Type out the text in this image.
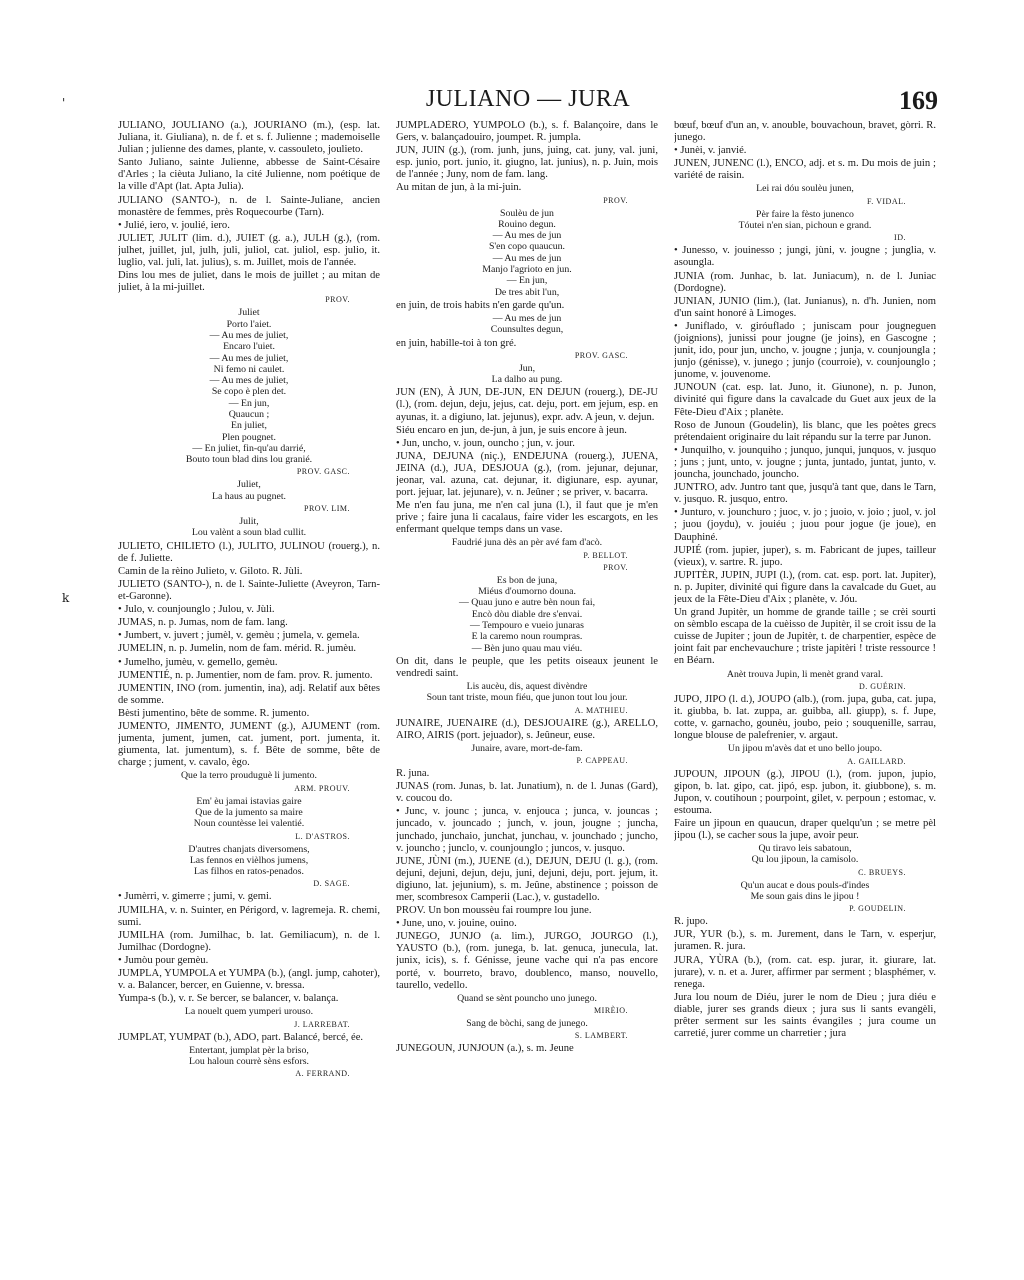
JULIANO — JURA	169
'
k

JULIANO, JOULIANO (a.), JOURIANO (m.), (esp. lat. Juliana, it. Giuliana), n. de f. et s. f. Julienne ; mademoiselle Julian ; julienne des dames, plante, v. cassouleto, joulieto.

Santo Juliano, sainte Julienne, abbesse de Saint-Césaire d'Arles ; la cièuta Juliano, la cité Julienne, nom poétique de la ville d'Apt (lat. Apta Julia).

JULIANO (SANTO-), n. de l. Sainte-Juliane, ancien monastère de femmes, près Roquecourbe (Tarn).

• Julié, iero, v. joulié, iero.

JULIET, JULIT (lim. d.), JUIET (g. a.), JULH (g.), (rom. julhet, juillet, jul, julh, juli, juliol, cat. juliol, esp. julio, it. luglio, val. juli, lat. julius), s. m. Juillet, mois de l'année.

Dins lou mes de juliet, dans le mois de juillet ; au mitan de juliet, à la mi-juillet.

PROV.
Juliet
Porto l'aiet.
— Au mes de juliet,
Encaro l'uiet.
— Au mes de juliet,
Ni femo ni caulet.
— Au mes de juliet,
Se copo è plen det.
— En jun,
Quaucun ;
En juliet,
Plen pougnet.
— En juliet, fin-qu'au darrié,
Bouto toun blad dins lou granié.
PROV. GASC.
Juliet,
La haus au pugnet.
PROV. LIM.
Julit,
Lou valènt a soun blad cullit.

JULIETO, CHILIETO (l.), JULITO, JULINOU (rouerg.), n. de f. Juliette.

Camin de la rèino Julieto, v. Giloto. R. Jùli.

JULIETO (SANTO-), n. de l. Sainte-Juliette (Aveyron, Tarn-et-Garonne).

• Julo, v. counjounglo ; Julou, v. Jùli.

JUMAS, n. p. Jumas, nom de fam. lang.

• Jumbert, v. juvert ; jumèl, v. gemèu ; jumela, v. gemela.

JUMELIN, n. p. Jumelin, nom de fam. mérid. R. jumèu.

• Jumelho, jumèu, v. gemello, gemèu.

JUMENTIÉ, n. p. Jumentier, nom de fam. prov. R. jumento.

JUMENTIN, INO (rom. jumentin, ina), adj. Relatif aux bêtes de somme.

Bèsti jumentino, bête de somme. R. jumento.

JUMENTO, JIMENTO, JUMENT (g.), AJUMENT (rom. jumenta, jument, jumen, cat. jument, port. jumenta, it. giumenta, lat. jumentum), s. f. Bête de somme, bête de charge ; jument, v. cavalo, ègo.

Que la terro prouduguè li jumento.
ARM. PROUV.
Em' èu jamai istavias gaire
Que de la jumento sa maire
Noun countèsse lei valentié.
L. D'ASTROS.
D'autres chanjats diversomens,
Las fennos en vièlhos jumens,
Las filhos en ratos-penados.
D. SAGE.

• Jumèrri, v. gimerre ; jumi, v. gemi.

JUMILHA, v. n. Suinter, en Périgord, v. lagremeja. R. chemi, sumi.

JUMILHA (rom. Jumilhac, b. lat. Gemiliacum), n. de l. Jumilhac (Dordogne).

• Jumòu pour gemèu.

JUMPLA, YUMPOLA et YUMPA (b.), (angl. jump, cahoter), v. a. Balancer, bercer, en Guienne, v. bressa.

Yumpa-s (b.), v. r. Se bercer, se balancer, v. balança.

La nouelt quem yumperi urouso.
J. LARREBAT.

JUMPLAT, YUMPAT (b.), ADO, part. Balancé, bercé, ée.

Entertant, jumplat pèr la briso,
Lou haloun courrè sèns esfors.
A. FERRAND.

JUMPLADÈRO, YUMPOLO (b.), s. f. Balançoire, dans le Gers, v. balançadouiro, joumpet. R. jumpla.

JUN, JUIN (g.), (rom. junh, juns, juing, cat. juny, val. juni, esp. junio, port. junio, it. giugno, lat. junius), n. p. Juin, mois de l'année ; Juny, nom de fam. lang.

Au mitan de jun, à la mi-juin.

PROV.
Soulèu de jun
Rouino degun.
— Au mes de jun
S'en copo quaucun.
— Au mes de jun
Manjo l'agrioto en jun.
— En jun,
De tres abit l'un,

en juin, de trois habits n'en garde qu'un.

— Au mes de jun
Counsultes degun,

en juin, habille-toi à ton gré.

PROV. GASC.
Jun,
La dalho au pung.

JUN (EN), À JUN, DE-JUN, EN DEJUN (rouerg.), DE-JU (l.), (rom. dejun, deju, jejus, cat. deju, port. em jejum, esp. en ayunas, it. a digiuno, lat. jejunus), expr. adv. A jeun, v. dejun.

Siéu encaro en jun, de-jun, à jun, je suis encore à jeun.

• Jun, uncho, v. joun, ouncho ; jun, v. jour.

JUNA, DEJUNA (niç.), ENDEJUNA (rouerg.), JUENA, JEINA (d.), JUA, DESJOUA (g.), (rom. jejunar, dejunar, jeonar, val. azuna, cat. dejunar, it. digiunare, esp. ayunar, port. jejuar, lat. jejunare), v. n. Jeûner ; se priver, v. bacarra.

Me n'en fau juna, me n'en cal juna (l.), il faut que je m'en prive ; faire juna li cacalaus, faire vider les escargots, en les enfermant quelque temps dans un vase.

Faudrié juna dès an pèr avé fam d'acò.
P. BELLOT.
PROV.
Es bon de juna,
Miéus d'oumorno douna.
— Quau juno e autre bèn noun fai,
Encò dòu diable dre s'envai.
— Tempouro e vueio junaras
E la caremo noun roumpras.
— Bèn juno quau mau viéu.

On dit, dans le peuple, que les petits oiseaux jeunent le vendredi saint.

Lis aucèu, dis, aquest divèndre
Soun tant triste, moun fiéu, que junon tout lou jour.
A. MATHIEU.

JUNAIRE, JUENAIRE (d.), DESJOUAIRE (g.), ARELLO, AIRO, AIRIS (port. jejuador), s. Jeûneur, euse.

Junaire, avare, mort-de-fam.
P. CAPPEAU.

R. juna.

JUNAS (rom. Junas, b. lat. Junatium), n. de l. Junas (Gard), v. coucou do.

• Junc, v. jounc ; junca, v. enjouca ; junca, v. jouncas ; juncado, v. jouncado ; junch, v. joun, jougne ; juncha, junchado, junchaio, junchat, junchau, v. jounchado ; juncho, v. jouncho ; junclo, v. counjounglo ; juncos, v. jusquo.

JUNE, JÙNI (m.), JUENE (d.), DEJUN, DEJU (l. g.), (rom. dejuni, dejuni, dejun, deju, juni, dejuni, deju, port. jejum, it. digiuno, lat. jejunium), s. m. Jeûne, abstinence ; poisson de mer, scombresox Camperii (Lac.), v. gustadello.

PROV. Un bon moussèu fai roumpre lou june.

• June, uno, v. jouine, ouino.

JUNEGO, JUNJO (a. lim.), JURGO, JOURGO (l.), YAUSTO (b.), (rom. junega, b. lat. genuca, junecula, lat. junix, icis), s. f. Génisse, jeune vache qui n'a pas encore porté, v. bourreto, bravo, doublenco, manso, nouvello, taurello, vedello.

Quand se sènt pouncho uno junego.
MIRÈIO.
Sang de bòchi, sang de junego.
S. LAMBERT.

JUNEGOUN, JUNJOUN (a.), s. m. Jeune

bœuf, bœuf d'un an, v. anouble, bouvachoun, bravet, gòrri. R. junego.

• Junèi, v. janvié.

JUNEN, JUNENC (l.), ENCO, adj. et s. m. Du mois de juin ; variété de raisin.

Lei rai dóu soulèu junen,
F. VIDAL.
Pèr faire la fèsto junenco
Tóutei n'en sian, pichoun e grand.
ID.

• Junesso, v. jouinesso ; jungi, jùni, v. jougne ; junglia, v. asoungla.

JUNIA (rom. Junhac, b. lat. Juniacum), n. de l. Juniac (Dordogne).

JUNIAN, JUNIO (lim.), (lat. Junianus), n. d'h. Junien, nom d'un saint honoré à Limoges.

• Juniflado, v. giróuflado ; juniscam pour jougneguen (joignions), junissi pour jougne (je joins), en Gascogne ; junit, ido, pour jun, uncho, v. jougne ; junja, v. counjoungla ; junjo (génisse), v. junego ; junjo (courroie), v. counjounglo ; junome, v. jouvenome.

JUNOUN (cat. esp. lat. Juno, it. Giunone), n. p. Junon, divinité qui figure dans la cavalcade du Guet aux jeux de la Fête-Dieu d'Aix ; planète.

Roso de Junoun (Goudelin), lis blanc, que les poètes grecs prétendaient originaire du lait répandu sur la terre par Junon.

• Junquilho, v. jounquiho ; junquo, junqui, junquos, v. jusquo ; juns ; junt, unto, v. jougne ; junta, juntado, juntat, junto, v. jouncha, jounchado, jouncho.

JUNTRO, adv. Juntro tant que, jusqu'à tant que, dans le Tarn, v. jusquo. R. jusquo, entro.

• Junturo, v. jounchuro ; juoc, v. jo ; juoio, v. joio ; juol, v. jol ; juou (joydu), v. jouiéu ; juou pour jogue (je joue), en Dauphiné.

JUPIÉ (rom. jupier, juper), s. m. Fabricant de jupes, tailleur (vieux), v. sartre. R. jupo.

JUPITÈR, JUPIN, JUPI (l.), (rom. cat. esp. port. lat. Jupiter), n. p. Jupiter, divinité qui figure dans la cavalcade du Guet, au jeux de la Fête-Dieu d'Aix ; planète, v. Jóu.

Un grand Jupitèr, un homme de grande taille ; se crèi sourti on sèmblo escapa de la cuèisso de Jupitèr, il se croit issu de la cuisse de Jupiter ; joun de Jupitèr, t. de charpentier, espèce de joint fait par enchevauchure ; triste japitèri ! triste ressource ! en Béarn.

Anèt trouva Jupin, li menèt grand varal.
D. GUÉRIN.

JUPO, JIPO (l. d.), JOUPO (alb.), (rom. jupa, guba, cat. jupa, it. giubba, b. lat. zuppa, ar. guibba, all. giupp), s. f. Jupe, cotte, v. garnacho, gounèu, joubo, peio ; souquenille, sarrau, longue blouse de palefrenier, v. argaut.

Un jipou m'avès dat et uno bello joupo.
A. GAILLARD.

JUPOUN, JIPOUN (g.), JIPOU (l.), (rom. jupon, jupio, gipon, b. lat. gipo, cat. jipó, esp. jubon, it. giubbone), s. m. Jupon, v. coutihoun ; pourpoint, gilet, v. perpoun ; estomac, v. estouma.

Faire un jipoun en quaucun, draper quelqu'un ; se metre pèl jipou (l.), se cacher sous la jupe, avoir peur.

Qu tiravo leis sabatoun,
Qu lou jipoun, la camisolo.
C. BRUEYS.
Qu'un aucat e dous pouls-d'indes
Me soun gais dins le jipou !
P. GOUDELIN.

R. jupo.

JUR, YUR (b.), s. m. Jurement, dans le Tarn, v. esperjur, juramen. R. jura.

JURA, YÙRA (b.), (rom. cat. esp. jurar, it. giurare, lat. jurare), v. n. et a. Jurer, affirmer par serment ; blasphémer, v. renega.

Jura lou noum de Diéu, jurer le nom de Dieu ; jura diéu e diable, jurer ses grands dieux ; jura sus li sants evangèli, prêter serment sur les saints évangiles ; jura coume un carretié, jurer comme un charretier ; jura
